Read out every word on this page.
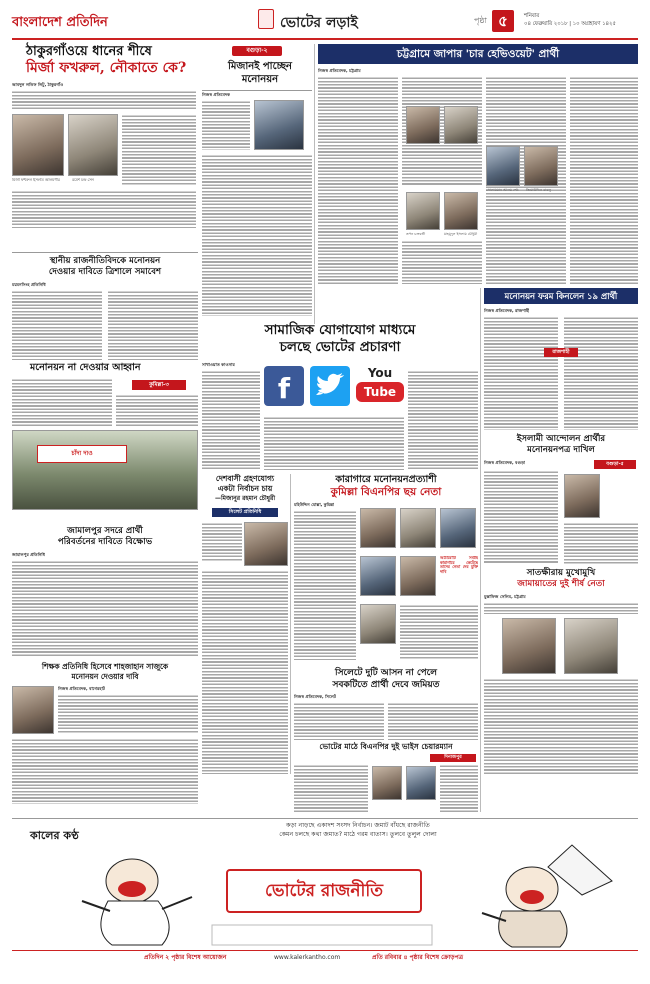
বাংলাদেশ প্রতিদিন	ভোটের লড়াই	পৃষ্ঠা ৫	শনিবার
০৪ ফেব্রুয়ারি ২০১৮ | ১০ অগ্রহায়ণ ১৪২৫
ঠাকুরগাঁওয়ে ধানের শীষে
মির্জা ফখরুল, নৌকাতে কে?
আবদুল লতিফ লিটু, ঠাকুরগাঁও
মির্জা ফখরুল ইসলাম আলমগীর	রমেশ চন্দ্র সেন
বগুড়া-২
মিজানই পাচ্ছেন
মনোনয়ন
নিজস্ব প্রতিবেদক
চট্টগ্রামে জাপার 'চার হেভিওয়েট' প্রার্থী
নিজস্ব প্রতিবেদক, চট্টগ্রাম
সোলায়মান আলম শেঠ	জিয়াউদ্দিন বাবলু
তপন চক্রবর্তী	মাহমুদুল ইসলাম চৌধুরী
স্থানীয় রাজনীতিবিদকে মনোনয়ন
দেওয়ার দাবিতে ত্রিশালে সমাবেশ
ময়মনসিংহ প্রতিনিধি
সামাজিক যোগাযোগ মাধ্যমে
চলছে ভোটের প্রচারণা
সাখাওয়াত কাওসার
f	You
Tube
মনোনয়ন ফরম কিনলেন ১৯ প্রার্থী
নিজস্ব প্রতিবেদক, রাজশাহী
রাজশাহী
মনোনয়ন না দেওয়ার আহ্বান
কুমিল্লা-৩
চাঁদা দাও
দেশবাসী গ্রহণযোগ্য
একটা নির্বাচন চায়
—মিজানুর রহমান চৌধুরী
সিলেট প্রতিনিধি
কারাগারে মনোনয়নপ্রত্যাশী
কুমিল্লা বিএনপির ছয় নেতা
মহিউদ্দিন মোল্লা, কুমিল্লা
আঠারোটি সপ্তাহ কারাগারে কেটেছে তাদের নেতা দের মুক্তি দাবি
ইসলামী আন্দোলন প্রার্থীর
মনোনয়নপত্র দাখিল
নিজস্ব প্রতিবেদক, বগুড়া	বগুড়া-৫
জামালপুর সদরে প্রার্থী
পরিবর্তনের দাবিতে বিক্ষোভ
জামালপুর প্রতিনিধি
সাতক্ষীরায় মুখোমুখি
জামায়াতের দুই শীর্ষ নেতা
মুস্তাফিজ সেলিম, চট্টগ্রাম
সিলেটে দুটি আসন না পেলে
সবকটিতে প্রার্থী দেবে জমিয়ত
নিজস্ব প্রতিবেদক, সিলেট
ভোটের মাঠে বিএনপির দুই ভাইস চেয়ারম্যান
দিনাজপুর
শিক্ষক প্রতিনিধি হিসেবে শাহজাহান সাজুকে
মনোনয়ন দেওয়ার দাবি
নিজস্ব প্রতিবেদক, বাগেরহাট
কালের কণ্ঠ
কড়া নাড়ছে একাদশ সংসদ নির্বাচন। জমাট বাঁধছে রাজনীতি
কেমন চলছে কথা জমাত? মাঠে গরম বাতাস। তুলবে তুলুল দোলা
ভোটের রাজনীতি
প্রতিদিন ২ পৃষ্ঠার বিশেষ আয়োজন	www.kalerkantho.com	প্রতি রবিবার ৪ পৃষ্ঠার বিশেষ ক্রোড়পত্র
